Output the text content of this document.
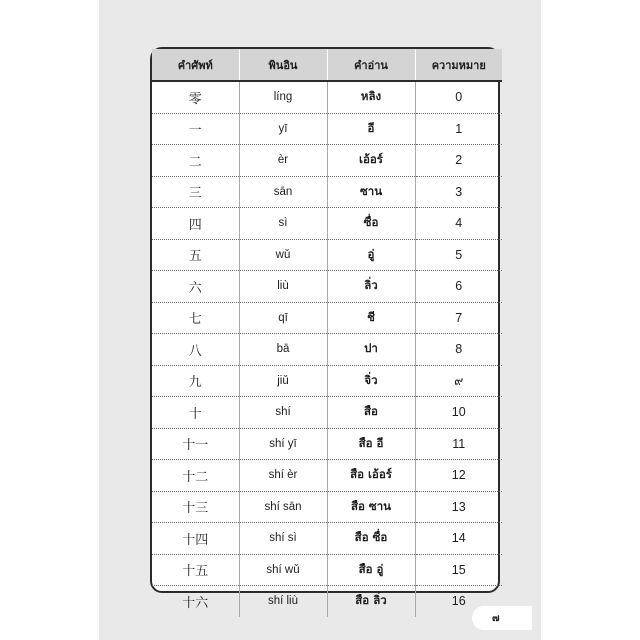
คำศัพท์	พินอิน	คำอ่าน	ความหมาย
零	líng	หลิง	0
一	yī	อี	1
二	èr	เอ้อร์	2
三	sān	ซาน	3
四	sì	ซื่อ	4
五	wǔ	อู่	5
六	liù	ลิ่ว	6
七	qī	ชี	7
八	bā	ปา	8
九	jiǔ	จิ่ว	๙
十	shí	สือ	10
十一	shí yī	สือ อี	11
十二	shí èr	สือ เอ้อร์	12
十三	shí sān	สือ ซาน	13
十四	shí sì	สือ ซื่อ	14
十五	shí wǔ	สือ อู่	15
十六	shí liù	สือ ลิ่ว	16
๗
